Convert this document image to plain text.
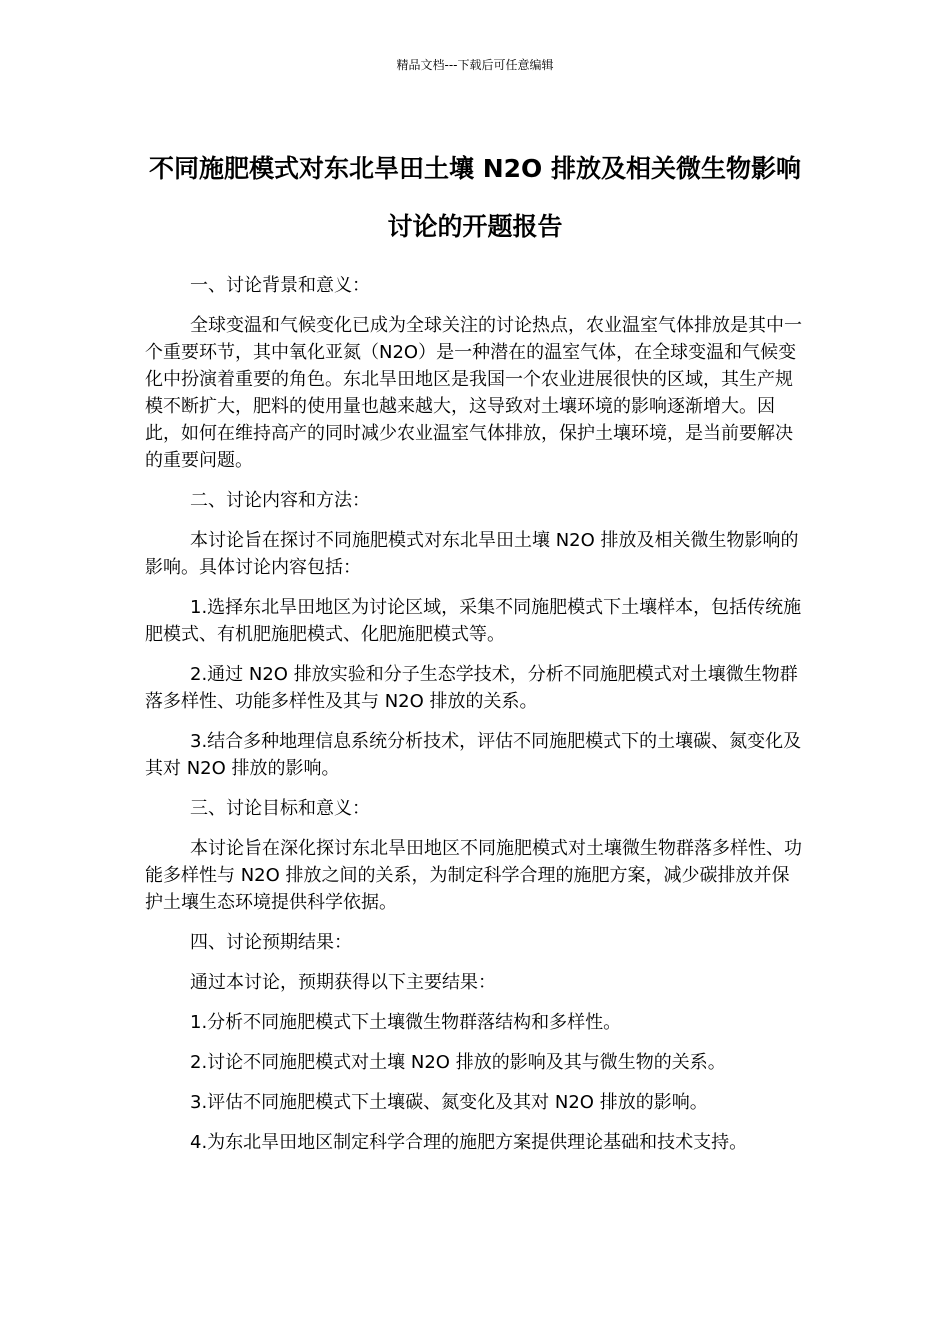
精品文档---下载后可任意编辑
不同施肥模式对东北旱田土壤 N2O 排放及相关微生物影响讨论的开题报告

一、讨论背景和意义：

全球变温和气候变化已成为全球关注的讨论热点，农业温室气体排放是其中一个重要环节，其中氧化亚氮（N2O）是一种潜在的温室气体，在全球变温和气候变化中扮演着重要的角色。东北旱田地区是我国一个农业进展很快的区域，其生产规模不断扩大，肥料的使用量也越来越大，这导致对土壤环境的影响逐渐增大。因此，如何在维持高产的同时减少农业温室气体排放，保护土壤环境，是当前要解决的重要问题。

二、讨论内容和方法：

本讨论旨在探讨不同施肥模式对东北旱田土壤 N2O 排放及相关微生物影响的影响。具体讨论内容包括：

1.选择东北旱田地区为讨论区域，采集不同施肥模式下土壤样本，包括传统施肥模式、有机肥施肥模式、化肥施肥模式等。

2.通过 N2O 排放实验和分子生态学技术，分析不同施肥模式对土壤微生物群落多样性、功能多样性及其与 N2O 排放的关系。

3.结合多种地理信息系统分析技术，评估不同施肥模式下的土壤碳、氮变化及其对 N2O 排放的影响。

三、讨论目标和意义：

本讨论旨在深化探讨东北旱田地区不同施肥模式对土壤微生物群落多样性、功能多样性与 N2O 排放之间的关系，为制定科学合理的施肥方案，减少碳排放并保护土壤生态环境提供科学依据。

四、讨论预期结果：

通过本讨论，预期获得以下主要结果：

1.分析不同施肥模式下土壤微生物群落结构和多样性。

2.讨论不同施肥模式对土壤 N2O 排放的影响及其与微生物的关系。

3.评估不同施肥模式下土壤碳、氮变化及其对 N2O 排放的影响。

4.为东北旱田地区制定科学合理的施肥方案提供理论基础和技术支持。
